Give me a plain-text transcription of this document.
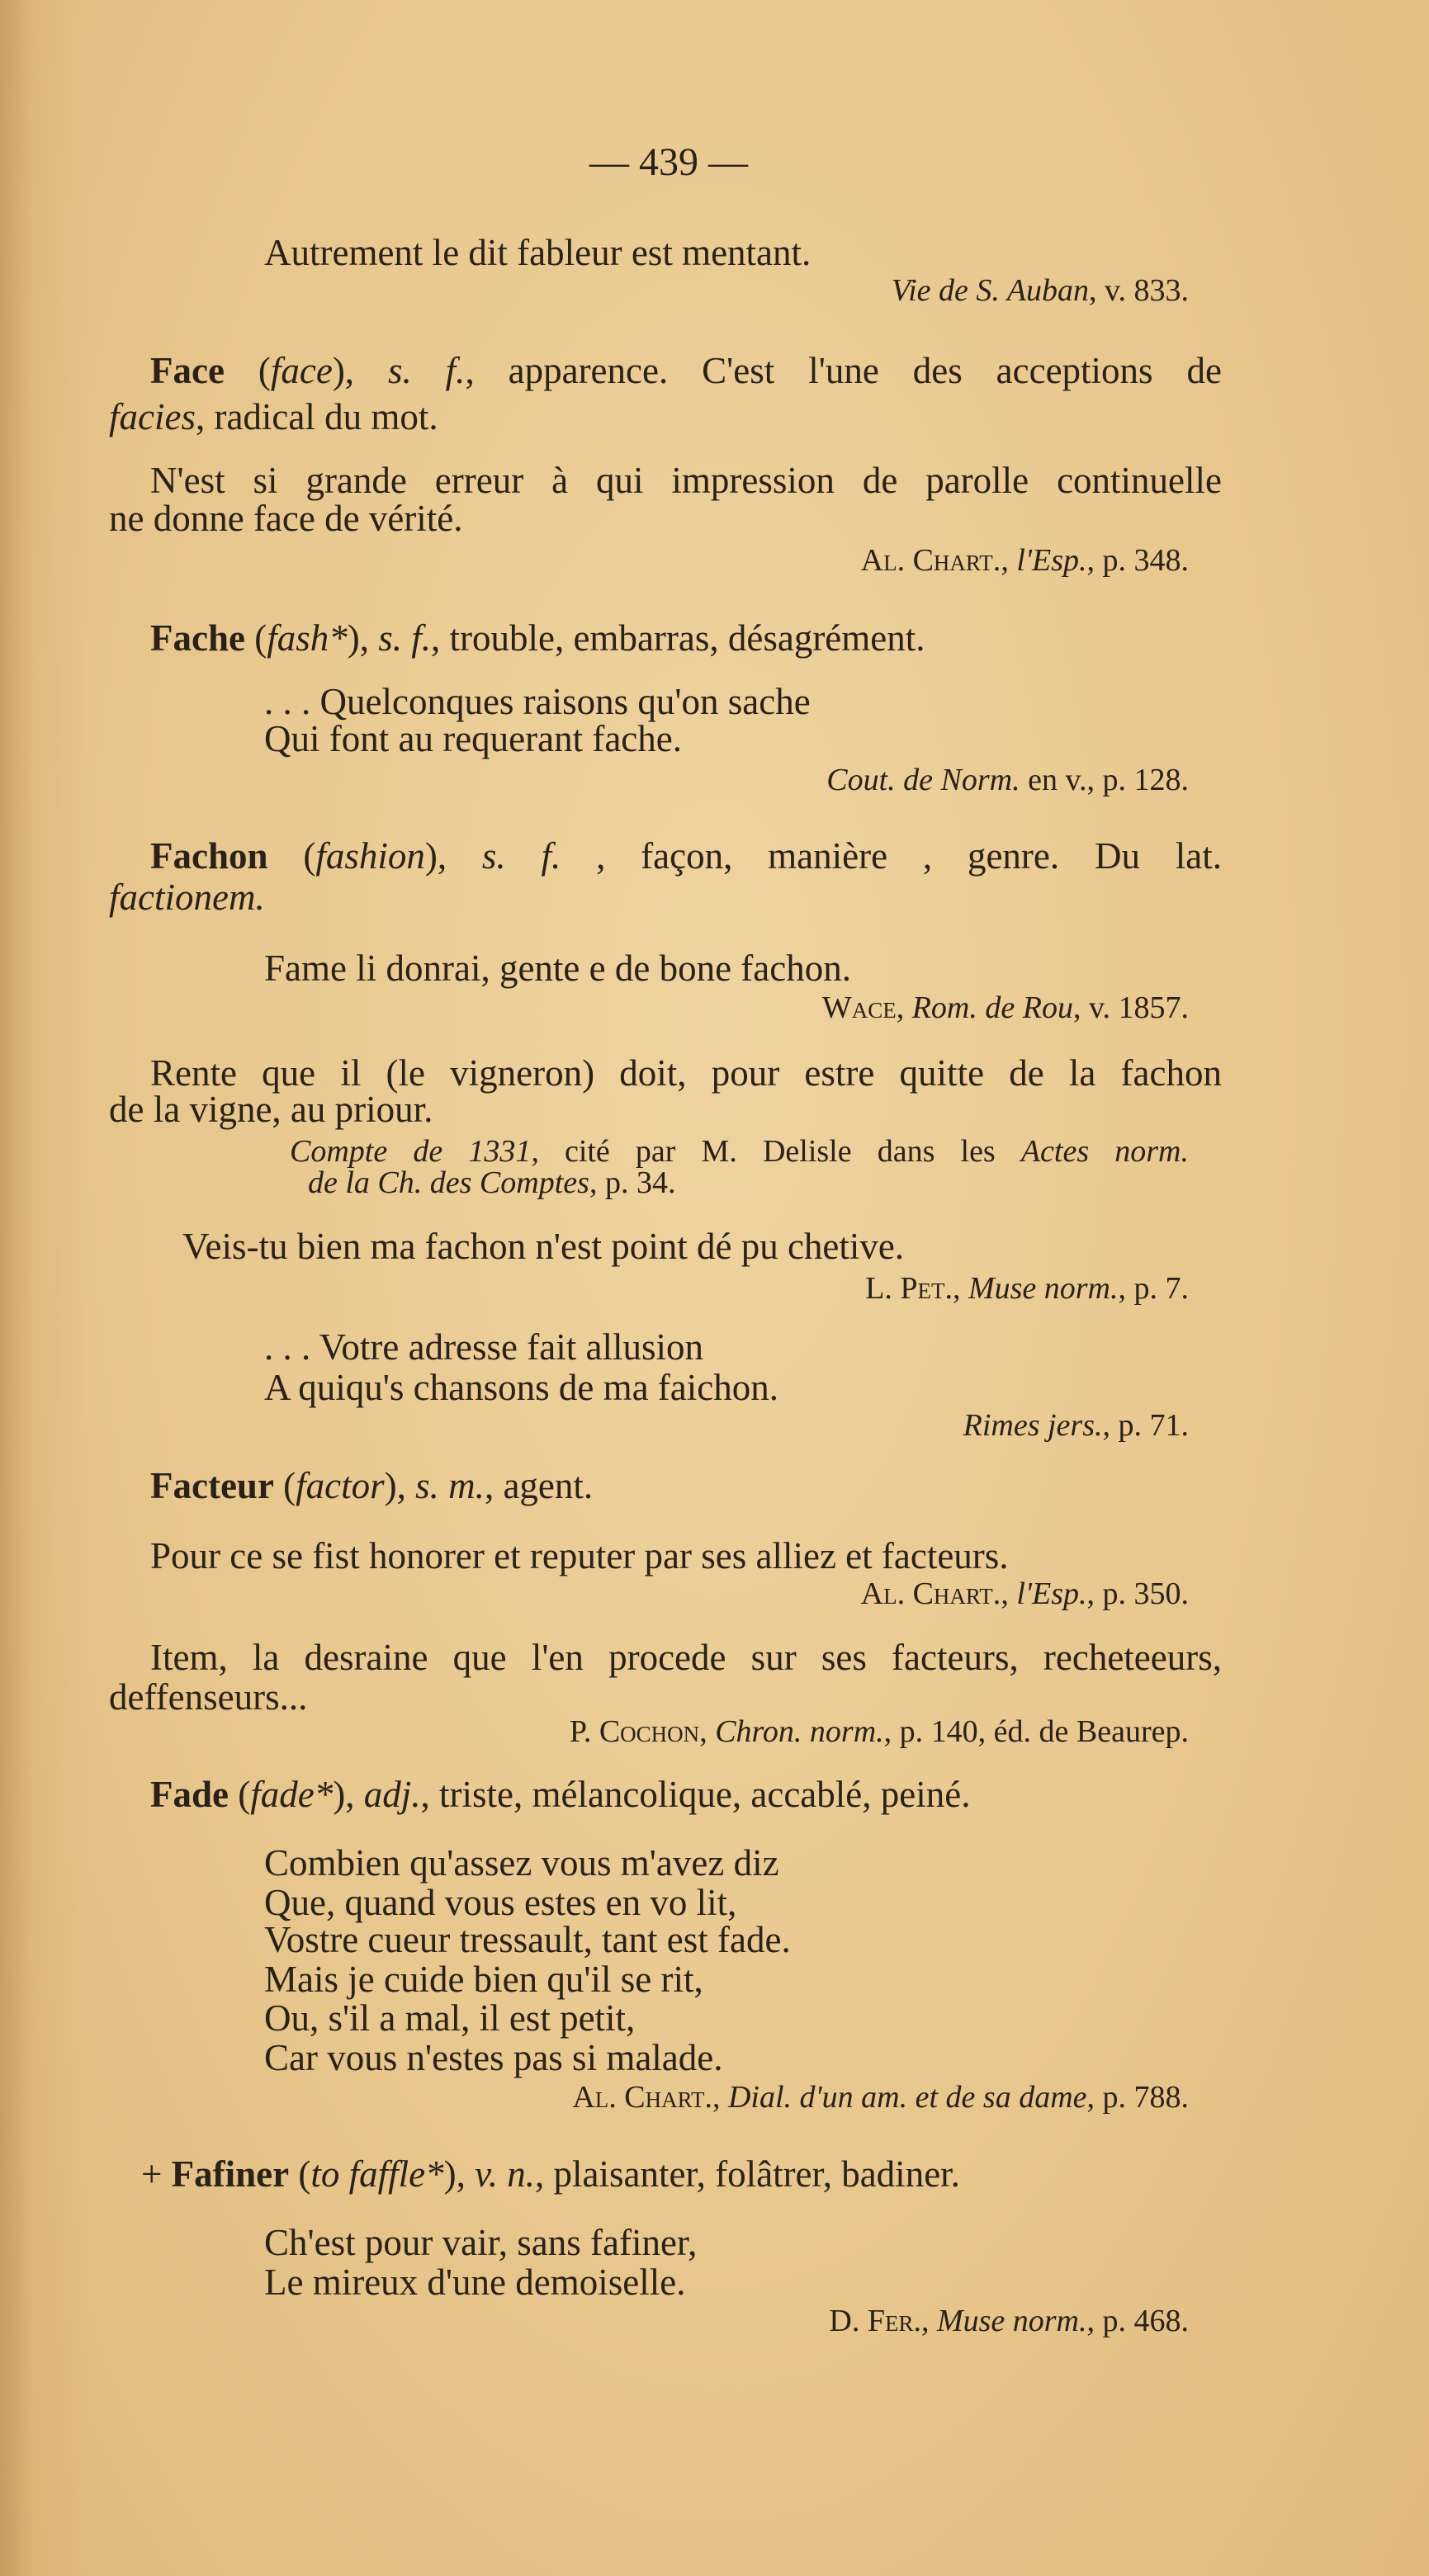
— 439 —
Autrement le dit fableur est mentant.
Vie de S. Auban, v. 833.
Face (face), s. f., apparence. C'est l'une des acceptions de
facies, radical du mot.
N'est si grande erreur à qui impression de parolle continuelle
ne donne face de vérité.
Al. Chart., l'Esp., p. 348.
Fache (fash*), s. f., trouble, embarras, désagrément.
. . . Quelconques raisons qu'on sache
Qui font au requerant fache.
Cout. de Norm. en v., p. 128.
Fachon (fashion), s. f. , façon, manière , genre. Du lat.
factionem.
Fame li donrai, gente e de bone fachon.
Wace, Rom. de Rou, v. 1857.
Rente que il (le vigneron) doit, pour estre quitte de la fachon
de la vigne, au priour.
Compte de 1331, cité par M. Delisle dans les Actes norm.
de la Ch. des Comptes, p. 34.
Veis-tu bien ma fachon n'est point dé pu chetive.
L. Pet., Muse norm., p. 7.
. . . Votre adresse fait allusion
A quiqu's chansons de ma faichon.
Rimes jers., p. 71.
Facteur (factor), s. m., agent.
Pour ce se fist honorer et reputer par ses alliez et facteurs.
Al. Chart., l'Esp., p. 350.
Item, la desraine que l'en procede sur ses facteurs, recheteeurs,
deffenseurs...
P. Cochon, Chron. norm., p. 140, éd. de Beaurep.
Fade (fade*), adj., triste, mélancolique, accablé, peiné.
Combien qu'assez vous m'avez diz
Que, quand vous estes en vo lit,
Vostre cueur tressault, tant est fade.
Mais je cuide bien qu'il se rit,
Ou, s'il a mal, il est petit,
Car vous n'estes pas si malade.
Al. Chart., Dial. d'un am. et de sa dame, p. 788.
+ Fafiner (to faffle*), v. n., plaisanter, folâtrer, badiner.
Ch'est pour vair, sans fafiner,
Le mireux d'une demoiselle.
D. Fer., Muse norm., p. 468.
